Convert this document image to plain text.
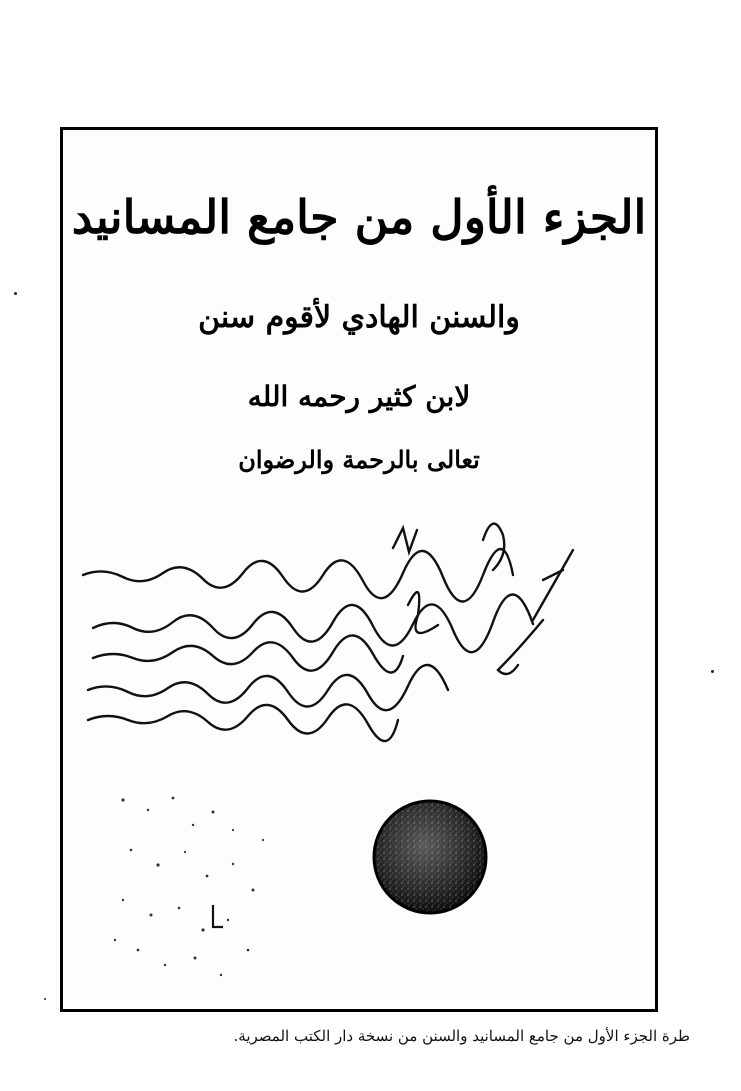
الجزء الأول من جامع المسانيد
والسنن الهادي لأقوم سنن
لابن كثير رحمه الله
تعالى بالرحمة والرضوان
طرة الجزء الأول من جامع المسانيد والسنن من نسخة دار الكتب المصرية.
